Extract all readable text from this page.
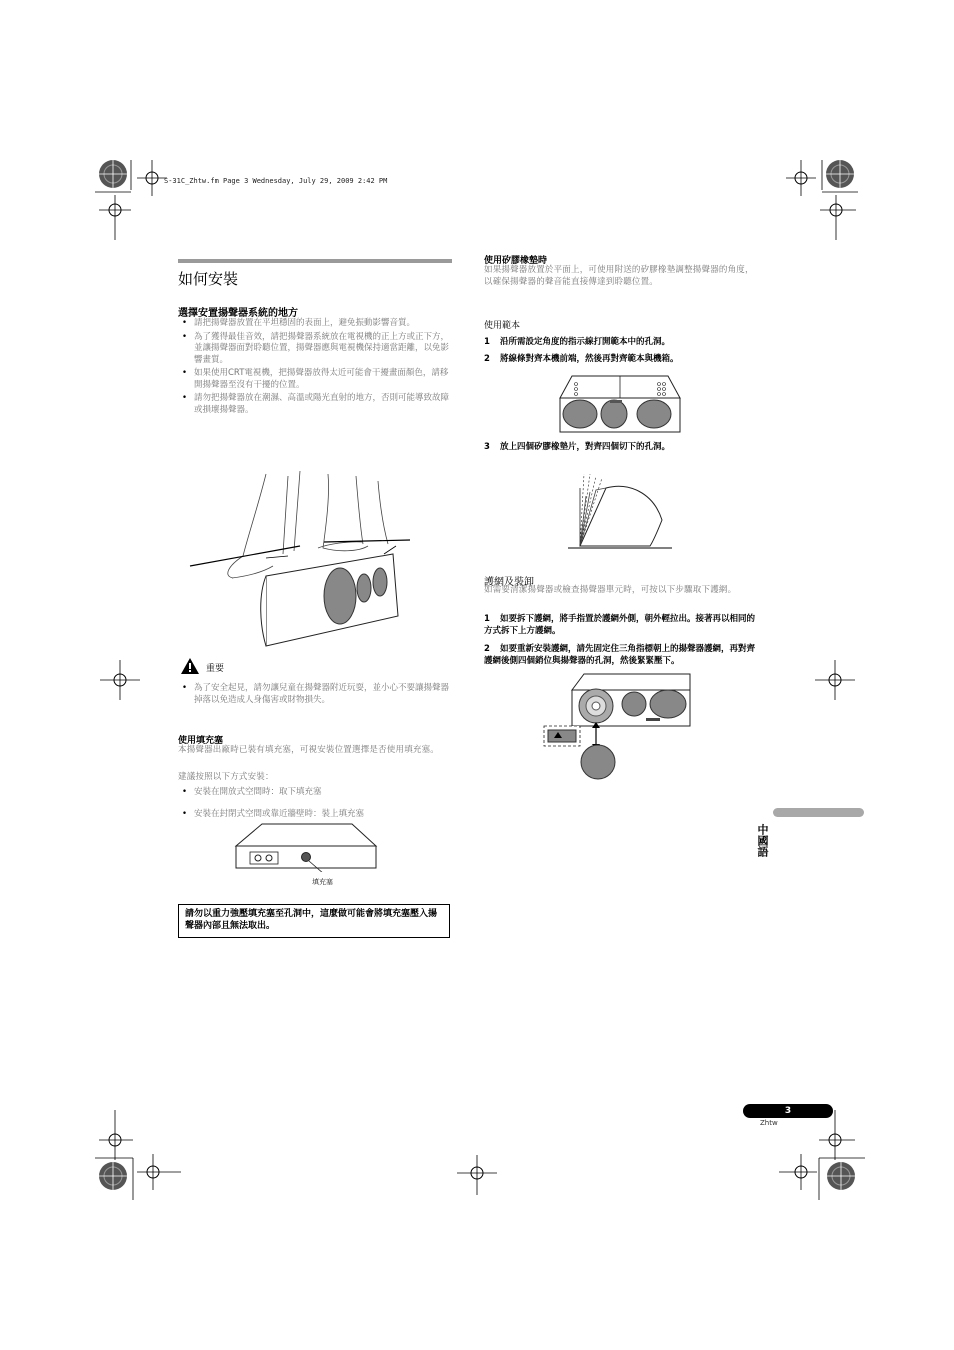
S-31C_Zhtw.fm Page 3 Wednesday, July 29, 2009 2:42 PM
如何安裝
選擇安置揚聲器系統的地方
• 請把揚聲器放置在平坦穩固的表面上，避免振動影響音質。
• 為了獲得最佳音效，請把揚聲器系統放在電視機的正上方或正下方，並讓揚聲器面對聆聽位置，揚聲器應與電視機保持適當距離，以免影響畫質。
• 如果使用CRT電視機，把揚聲器放得太近可能會干擾畫面顏色，請移開揚聲器至沒有干擾的位置。
• 請勿把揚聲器放在潮濕、高溫或陽光直射的地方，否則可能導致故障或損壞揚聲器。
重要
• 為了安全起見，請勿讓兒童在揚聲器附近玩耍，並小心不要讓揚聲器掉落以免造成人身傷害或財物損失。
使用填充塞
本揚聲器出廠時已裝有填充塞，可視安裝位置選擇是否使用填充塞。
建議按照以下方式安裝：
• 安裝在開放式空間時：取下填充塞
• 安裝在封閉式空間或靠近牆壁時：裝上填充塞
填充塞
請勿以重力強壓填充塞至孔洞中，這麼做可能會將填充塞壓入揚聲器內部且無法取出。
使用矽膠橡墊時
如果揚聲器放置於平面上，可使用附送的矽膠橡墊調整揚聲器的角度，以確保揚聲器的聲音能直接傳達到聆聽位置。
使用範本
1 沿所需設定角度的指示線打開範本中的孔洞。
2 將線條對齊本機前端，然後再對齊範本與機箱。
3 放上四個矽膠橡墊片，對齊四個切下的孔洞。
護網及裝卸
如需要清潔揚聲器或檢查揚聲器單元時，可按以下步驟取下護網。
1 如要拆下護網，將手指置於護網外側，朝外輕拉出。接著再以相同的方式拆下上方護網。
2 如要重新安裝護網，請先固定住三角指標朝上的揚聲器護網，再對齊護網後側四個銷位與揚聲器的孔洞，然後緊緊壓下。
中國語
3
Zhtw
